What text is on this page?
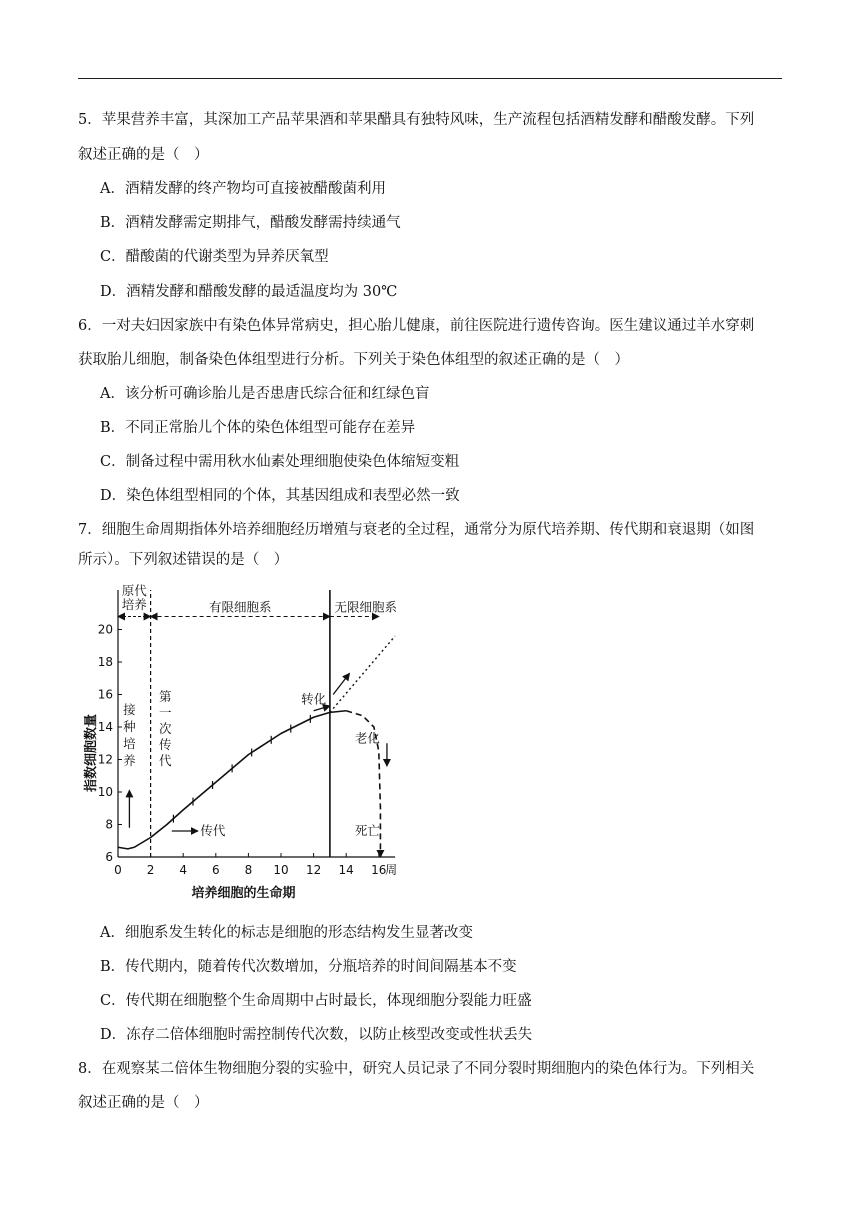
5．苹果营养丰富，其深加工产品苹果酒和苹果醋具有独特风味，生产流程包括酒精发酵和醋酸发酵。下列
叙述正确的是（　）
A．酒精发酵的终产物均可直接被醋酸菌利用
B．酒精发酵需定期排气，醋酸发酵需持续通气
C．醋酸菌的代谢类型为异养厌氧型
D．酒精发酵和醋酸发酵的最适温度均为 30℃
6．一对夫妇因家族中有染色体异常病史，担心胎儿健康，前往医院进行遗传咨询。医生建议通过羊水穿刺
获取胎儿细胞，制备染色体组型进行分析。下列关于染色体组型的叙述正确的是（　）
A．该分析可确诊胎儿是否患唐氏综合征和红绿色盲
B．不同正常胎儿个体的染色体组型可能存在差异
C．制备过程中需用秋水仙素处理细胞使染色体缩短变粗
D．染色体组型相同的个体，其基因组成和表型必然一致
7．细胞生命周期指体外培养细胞经历增殖与衰老的全过程，通常分为原代培养期、传代期和衰退期（如图
所示）。下列叙述错误的是（　）
0 2 4 6 8 10 12 14 16
周
6
8
10
12
14
16
18
20
培养细胞的生命期
指数细胞数量
原代
培养	有限细胞系	无限细胞系
接
种
培
养
第
一
次
传
代
传代
转化
老化
死亡
A．细胞系发生转化的标志是细胞的形态结构发生显著改变
B．传代期内，随着传代次数增加，分瓶培养的时间间隔基本不变
C．传代期在细胞整个生命周期中占时最长，体现细胞分裂能力旺盛
D．冻存二倍体细胞时需控制传代次数，以防止核型改变或性状丢失
8．在观察某二倍体生物细胞分裂的实验中，研究人员记录了不同分裂时期细胞内的染色体行为。下列相关
叙述正确的是（　）
